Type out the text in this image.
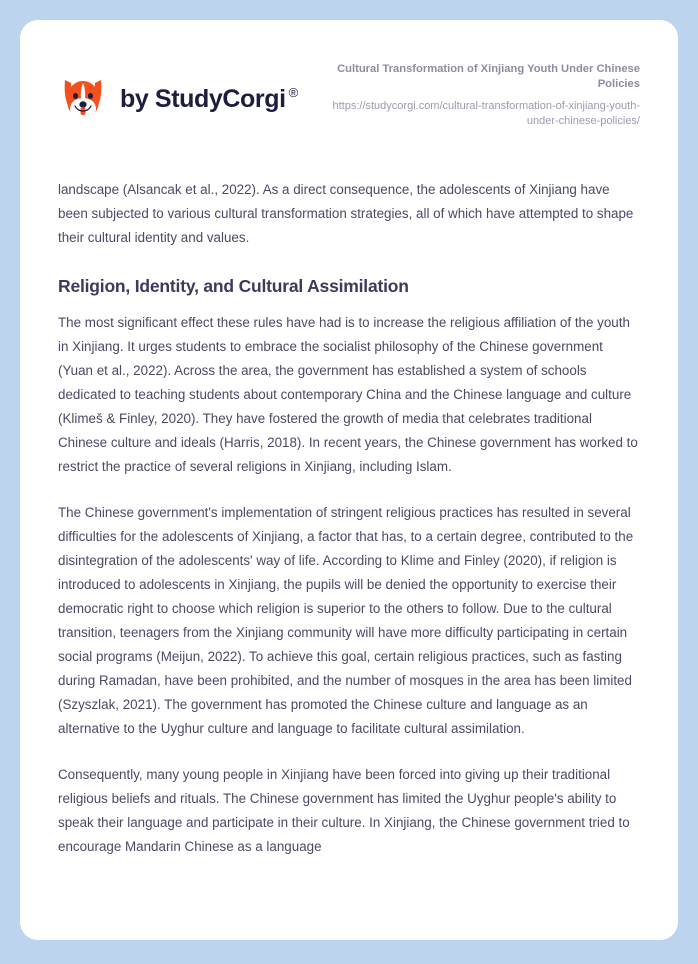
by StudyCorgi ®

Cultural Transformation of Xinjiang Youth Under Chinese Policies

https://studycorgi.com/cultural-transformation-of-xinjiang-youth-under-chinese-policies/

landscape (Alsancak et al., 2022). As a direct consequence, the adolescents of Xinjiang have been subjected to various cultural transformation strategies, all of which have attempted to shape their cultural identity and values.

Religion, Identity, and Cultural Assimilation

The most significant effect these rules have had is to increase the religious affiliation of the youth in Xinjiang. It urges students to embrace the socialist philosophy of the Chinese government (Yuan et al., 2022). Across the area, the government has established a system of schools dedicated to teaching students about contemporary China and the Chinese language and culture (Klimeš & Finley, 2020). They have fostered the growth of media that celebrates traditional Chinese culture and ideals (Harris, 2018). In recent years, the Chinese government has worked to restrict the practice of several religions in Xinjiang, including Islam.

The Chinese government's implementation of stringent religious practices has resulted in several difficulties for the adolescents of Xinjiang, a factor that has, to a certain degree, contributed to the disintegration of the adolescents' way of life. According to Klime and Finley (2020), if religion is introduced to adolescents in Xinjiang, the pupils will be denied the opportunity to exercise their democratic right to choose which religion is superior to the others to follow. Due to the cultural transition, teenagers from the Xinjiang community will have more difficulty participating in certain social programs (Meijun, 2022). To achieve this goal, certain religious practices, such as fasting during Ramadan, have been prohibited, and the number of mosques in the area has been limited (Szyszlak, 2021). The government has promoted the Chinese culture and language as an alternative to the Uyghur culture and language to facilitate cultural assimilation.

Consequently, many young people in Xinjiang have been forced into giving up their traditional religious beliefs and rituals. The Chinese government has limited the Uyghur people's ability to speak their language and participate in their culture. In Xinjiang, the Chinese government tried to encourage Mandarin Chinese as a language
